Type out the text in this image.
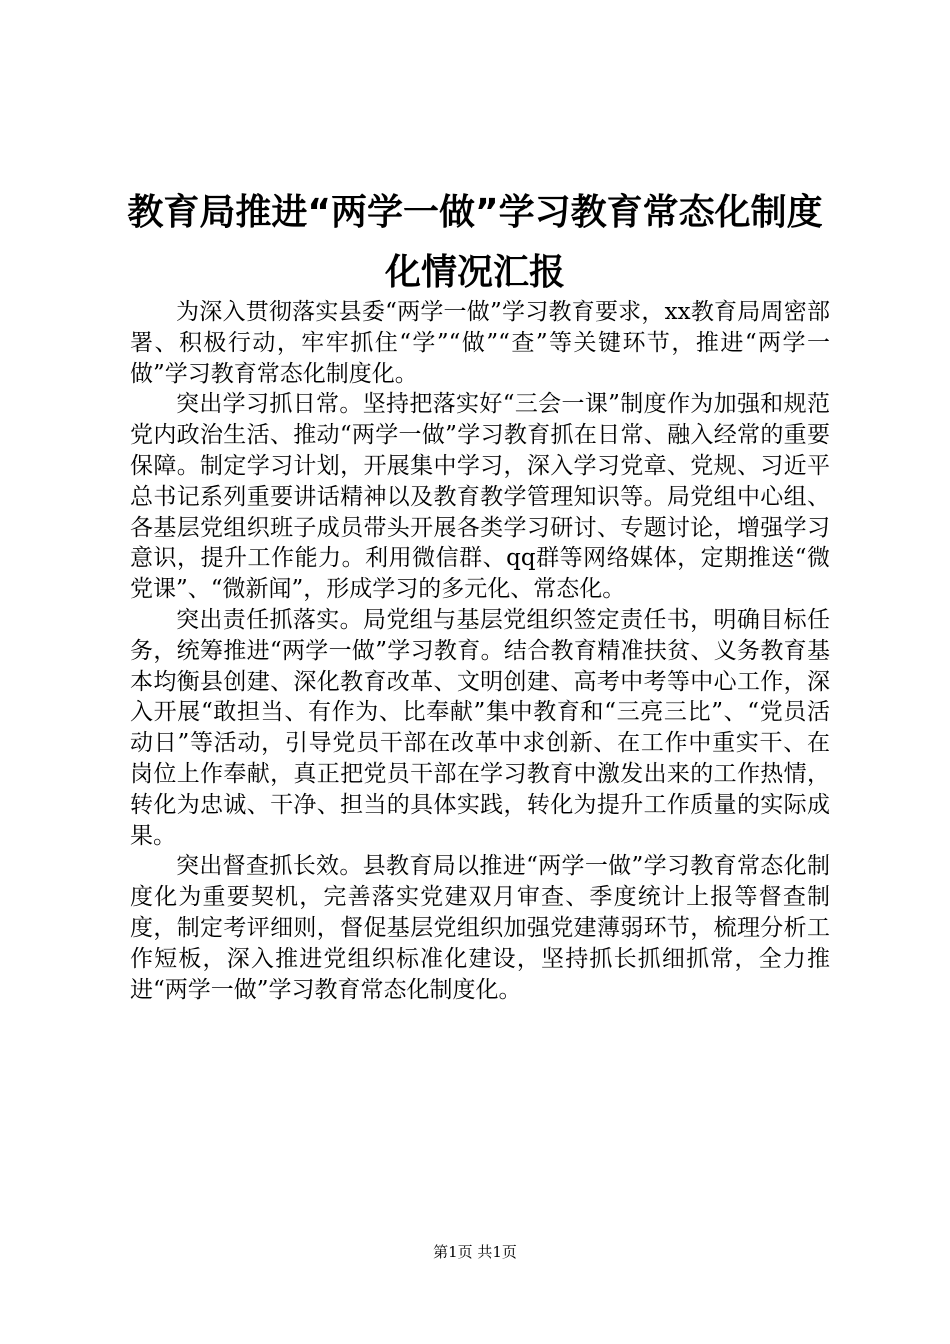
教育局推进“两学一做”学习教育常态化制度化情况汇报

为深入贯彻落实县委“两学一做”学习教育要求，xx教育局周密部署、积极行动，牢牢抓住“学”“做”“查”等关键环节，推进“两学一做”学习教育常态化制度化。

突出学习抓日常。坚持把落实好“三会一课”制度作为加强和规范党内政治生活、推动“两学一做”学习教育抓在日常、融入经常的重要保障。制定学习计划，开展集中学习，深入学习党章、党规、习近平总书记系列重要讲话精神以及教育教学管理知识等。局党组中心组、各基层党组织班子成员带头开展各类学习研讨、专题讨论，增强学习意识，提升工作能力。利用微信群、qq群等网络媒体，定期推送“微党课”、“微新闻”，形成学习的多元化、常态化。

突出责任抓落实。局党组与基层党组织签定责任书，明确目标任务，统筹推进“两学一做”学习教育。结合教育精准扶贫、义务教育基本均衡县创建、深化教育改革、文明创建、高考中考等中心工作，深入开展“敢担当、有作为、比奉献”集中教育和“三亮三比”、“党员活动日”等活动，引导党员干部在改革中求创新、在工作中重实干、在岗位上作奉献，真正把党员干部在学习教育中激发出来的工作热情，转化为忠诚、干净、担当的具体实践，转化为提升工作质量的实际成果。

突出督查抓长效。县教育局以推进“两学一做”学习教育常态化制度化为重要契机，完善落实党建双月审查、季度统计上报等督查制度，制定考评细则，督促基层党组织加强党建薄弱环节，梳理分析工作短板，深入推进党组织标准化建设，坚持抓长抓细抓常，全力推进“两学一做”学习教育常态化制度化。

第1页 共1页
